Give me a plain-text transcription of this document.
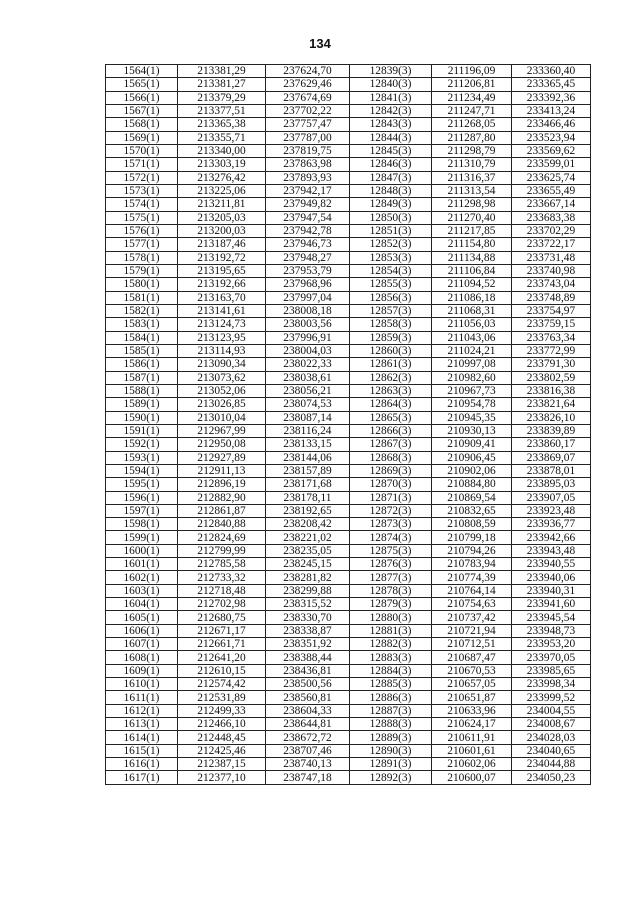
134
1564(1)	213381,29	237624,70	12839(3)	211196,09	233360,40
1565(1)	213381,27	237629,46	12840(3)	211206,81	233365,45
1566(1)	213379,29	237674,69	12841(3)	211234,49	233392,36
1567(1)	213377,51	237702,22	12842(3)	211247,71	233413,24
1568(1)	213365,38	237757,47	12843(3)	211268,05	233466,46
1569(1)	213355,71	237787,00	12844(3)	211287,80	233523,94
1570(1)	213340,00	237819,75	12845(3)	211298,79	233569,62
1571(1)	213303,19	237863,98	12846(3)	211310,79	233599,01
1572(1)	213276,42	237893,93	12847(3)	211316,37	233625,74
1573(1)	213225,06	237942,17	12848(3)	211313,54	233655,49
1574(1)	213211,81	237949,82	12849(3)	211298,98	233667,14
1575(1)	213205,03	237947,54	12850(3)	211270,40	233683,38
1576(1)	213200,03	237942,78	12851(3)	211217,85	233702,29
1577(1)	213187,46	237946,73	12852(3)	211154,80	233722,17
1578(1)	213192,72	237948,27	12853(3)	211134,88	233731,48
1579(1)	213195,65	237953,79	12854(3)	211106,84	233740,98
1580(1)	213192,66	237968,96	12855(3)	211094,52	233743,04
1581(1)	213163,70	237997,04	12856(3)	211086,18	233748,89
1582(1)	213141,61	238008,18	12857(3)	211068,31	233754,97
1583(1)	213124,73	238003,56	12858(3)	211056,03	233759,15
1584(1)	213123,95	237996,91	12859(3)	211043,06	233763,34
1585(1)	213114,93	238004,03	12860(3)	211024,21	233772,99
1586(1)	213090,34	238022,33	12861(3)	210997,08	233791,30
1587(1)	213073,62	238038,61	12862(3)	210982,60	233802,59
1588(1)	213052,06	238056,21	12863(3)	210967,73	233816,38
1589(1)	213026,85	238074,53	12864(3)	210954,78	233821,64
1590(1)	213010,04	238087,14	12865(3)	210945,35	233826,10
1591(1)	212967,99	238116,24	12866(3)	210930,13	233839,89
1592(1)	212950,08	238133,15	12867(3)	210909,41	233860,17
1593(1)	212927,89	238144,06	12868(3)	210906,45	233869,07
1594(1)	212911,13	238157,89	12869(3)	210902,06	233878,01
1595(1)	212896,19	238171,68	12870(3)	210884,80	233895,03
1596(1)	212882,90	238178,11	12871(3)	210869,54	233907,05
1597(1)	212861,87	238192,65	12872(3)	210832,65	233923,48
1598(1)	212840,88	238208,42	12873(3)	210808,59	233936,77
1599(1)	212824,69	238221,02	12874(3)	210799,18	233942,66
1600(1)	212799,99	238235,05	12875(3)	210794,26	233943,48
1601(1)	212785,58	238245,15	12876(3)	210783,94	233940,55
1602(1)	212733,32	238281,82	12877(3)	210774,39	233940,06
1603(1)	212718,48	238299,88	12878(3)	210764,14	233940,31
1604(1)	212702,98	238315,52	12879(3)	210754,63	233941,60
1605(1)	212680,75	238330,70	12880(3)	210737,42	233945,54
1606(1)	212671,17	238338,87	12881(3)	210721,94	233948,73
1607(1)	212661,71	238351,92	12882(3)	210712,51	233953,20
1608(1)	212641,20	238388,44	12883(3)	210687,47	233970,05
1609(1)	212610,15	238436,81	12884(3)	210670,53	233985,65
1610(1)	212574,42	238500,56	12885(3)	210657,05	233998,34
1611(1)	212531,89	238560,81	12886(3)	210651,87	233999,52
1612(1)	212499,33	238604,33	12887(3)	210633,96	234004,55
1613(1)	212466,10	238644,81	12888(3)	210624,17	234008,67
1614(1)	212448,45	238672,72	12889(3)	210611,91	234028,03
1615(1)	212425,46	238707,46	12890(3)	210601,61	234040,65
1616(1)	212387,15	238740,13	12891(3)	210602,06	234044,88
1617(1)	212377,10	238747,18	12892(3)	210600,07	234050,23
